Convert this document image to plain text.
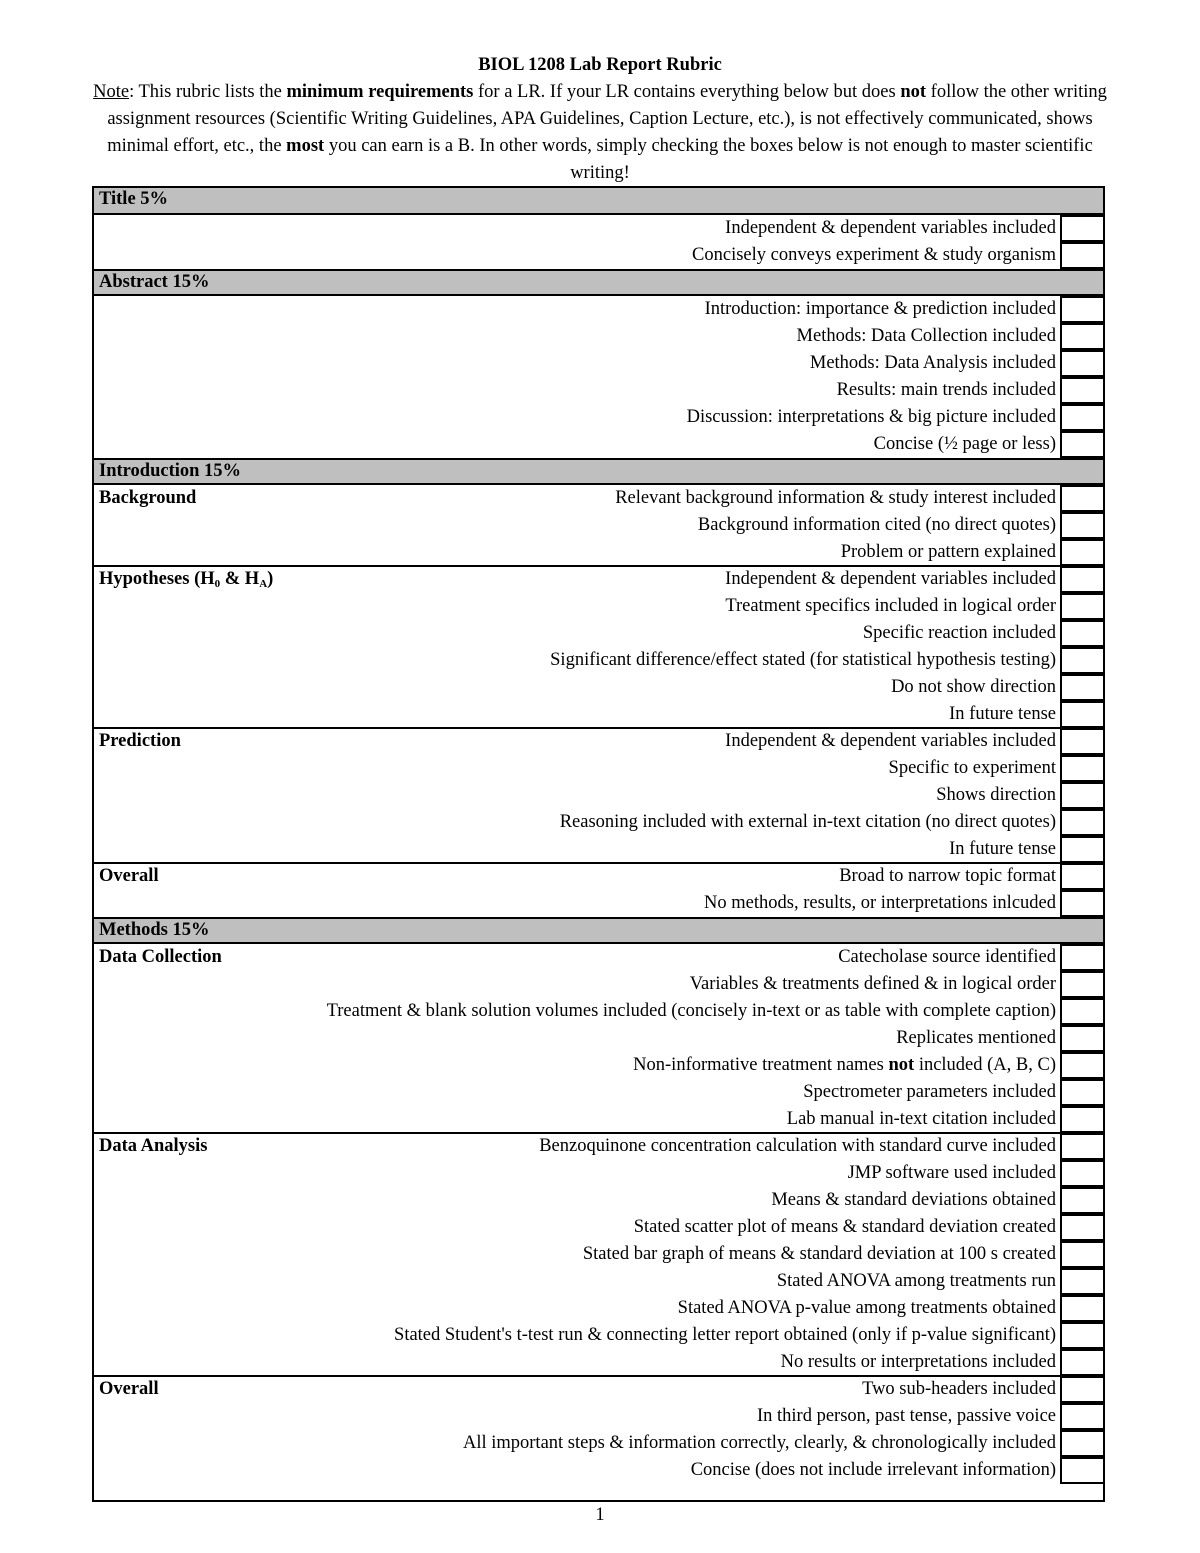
BIOL 1208 Lab Report Rubric
Note: This rubric lists the minimum requirements for a LR. If your LR contains everything below but does not follow the other writing assignment resources (Scientific Writing Guidelines, APA Guidelines, Caption Lecture, etc.), is not effectively communicated, shows minimal effort, etc., the most you can earn is a B. In other words, simply checking the boxes below is not enough to master scientific writing!
Title 5%
Independent & dependent variables included
Concisely conveys experiment & study organism
Abstract 15%
Introduction: importance & prediction included
Methods: Data Collection included
Methods: Data Analysis included
Results: main trends included
Discussion: interpretations & big picture included
Concise (½ page or less)
Introduction 15%
Background	Relevant background information & study interest included
Background information cited (no direct quotes)
Problem or pattern explained
Hypotheses ($H_0$ & $H_A$)	Independent & dependent variables included
Treatment specifics included in logical order
Specific reaction included
Significant difference/effect stated (for statistical hypothesis testing)
Do not show direction
In future tense
Prediction	Independent & dependent variables included
Specific to experiment
Shows direction
Reasoning included with external in-text citation (no direct quotes)
In future tense
Overall	Broad to narrow topic format
No methods, results, or interpretations inlcuded
Methods 15%
Data Collection	Catecholase source identified
Variables & treatments defined & in logical order
Treatment & blank solution volumes included (concisely in-text or as table with complete caption)
Replicates mentioned
Non-informative treatment names not included (A, B, C)
Spectrometer parameters included
Lab manual in-text citation included
Data Analysis	Benzoquinone concentration calculation with standard curve included
JMP software used included
Means & standard deviations obtained
Stated scatter plot of means & standard deviation created
Stated bar graph of means & standard deviation at 100 s created
Stated ANOVA among treatments run
Stated ANOVA p-value among treatments obtained
Stated Student's t-test run & connecting letter report obtained (only if p-value significant)
No results or interpretations included
Overall	Two sub-headers included
In third person, past tense, passive voice
All important steps & information correctly, clearly, & chronologically included
Concise (does not include irrelevant information)
1
